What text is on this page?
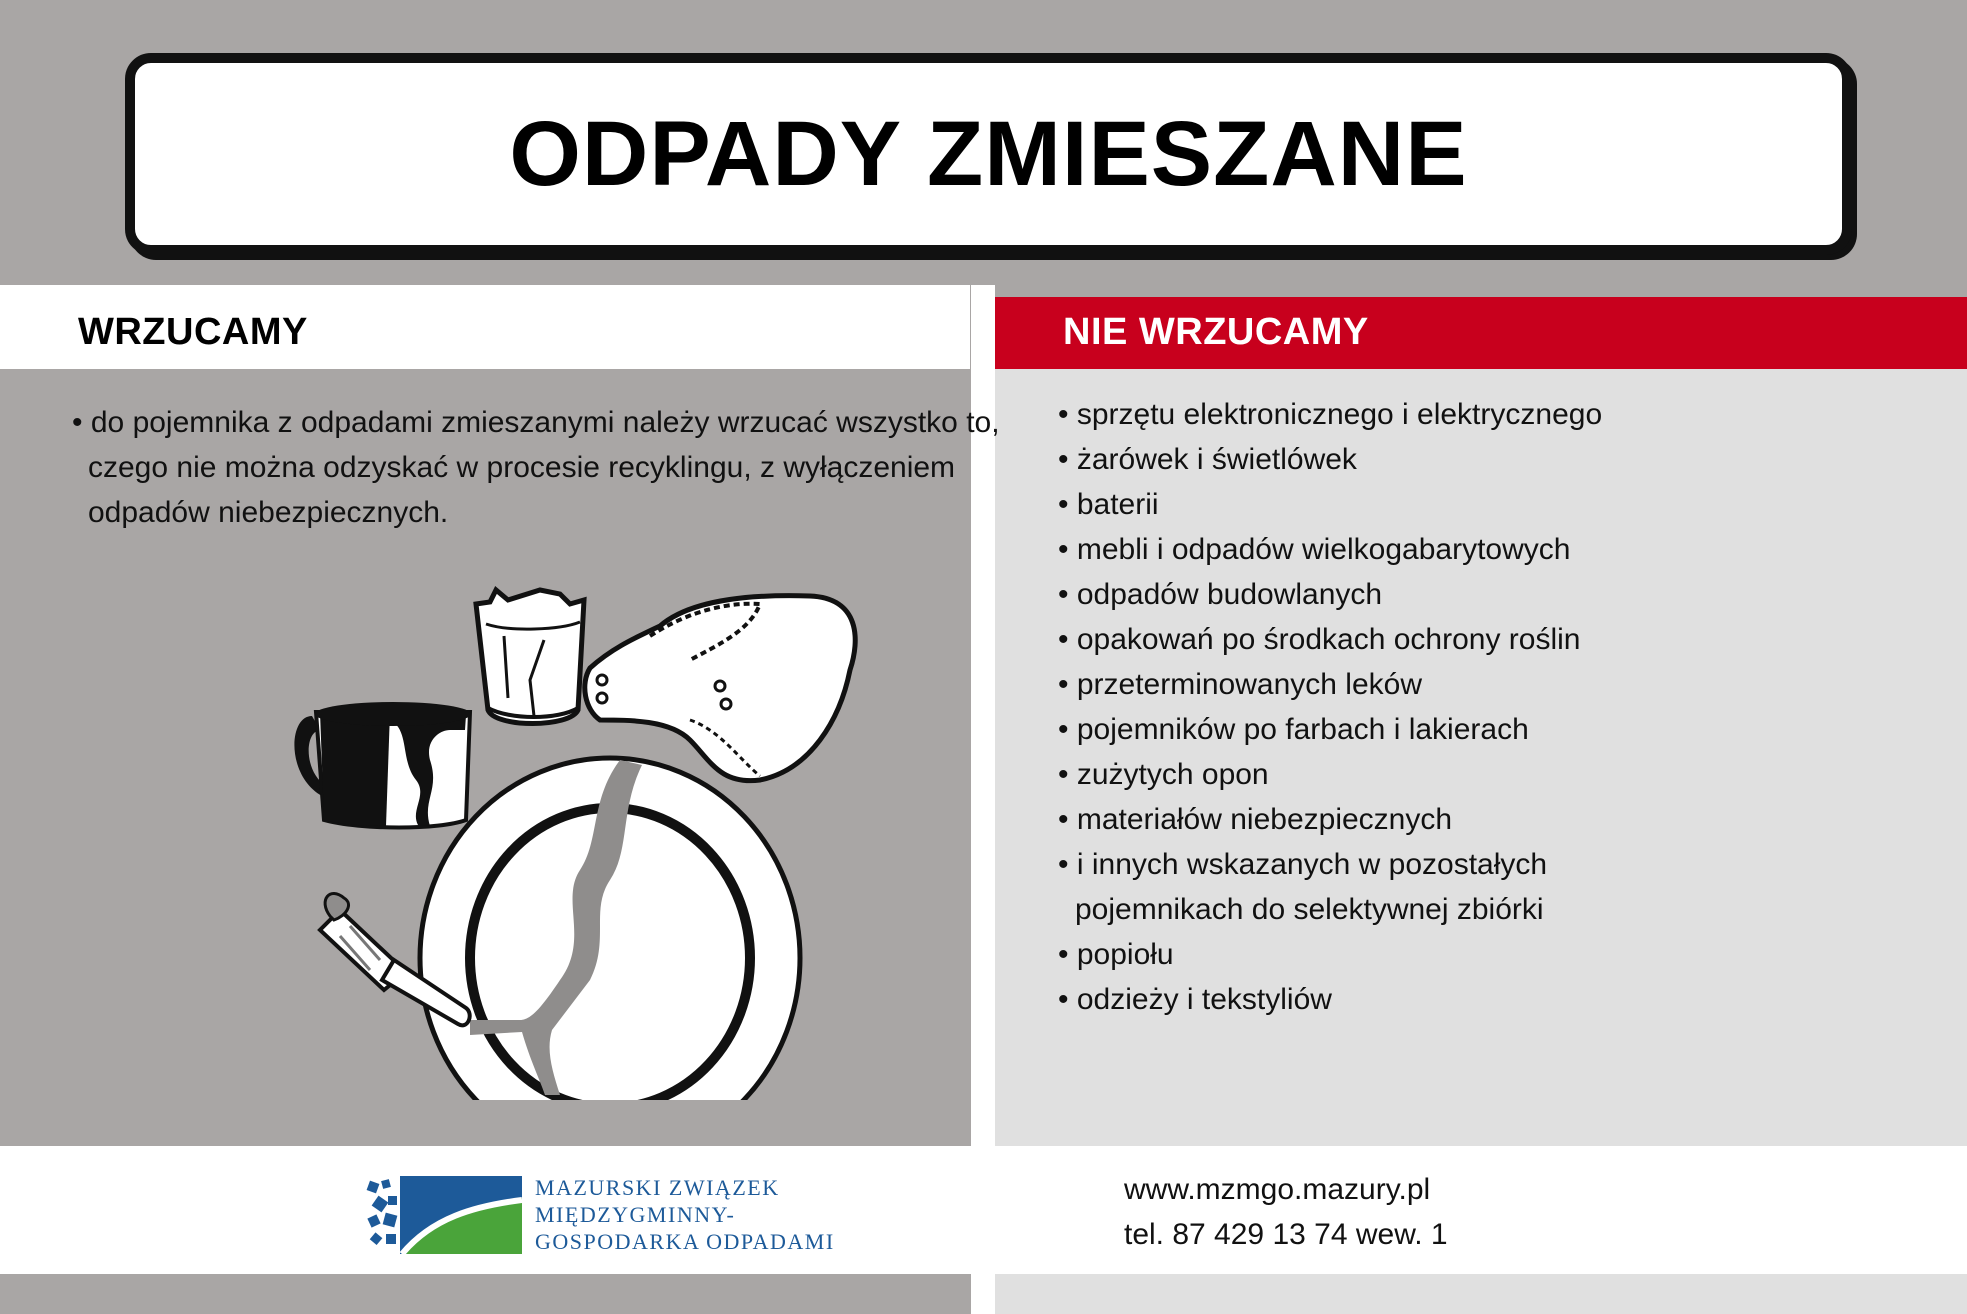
ODPADY ZMIESZANE
WRZUCAMY	NIE WRZUCAMY
• do pojemnika z odpadami zmieszanymi należy wrzucać wszystko to,
czego nie można odzyskać w procesie recyklingu, z wyłączeniem
odpadów niebezpiecznych.
• sprzętu elektronicznego i elektrycznego
• żarówek i świetlówek
• baterii
• mebli i odpadów wielkogabarytowych
• odpadów budowlanych
• opakowań po środkach ochrony roślin
• przeterminowanych leków
• pojemników po farbach i lakierach
• zużytych opon
• materiałów niebezpiecznych
• i innych wskazanych w pozostałych
pojemnikach do selektywnej zbiórki
• popiołu
• odzieży i tekstyliów
MAZURSKI ZWIĄZEK
MIĘDZYGMINNY-
GOSPODARKA ODPADAMI
www.mzmgo.mazury.pl
tel. 87 429 13 74 wew. 1
